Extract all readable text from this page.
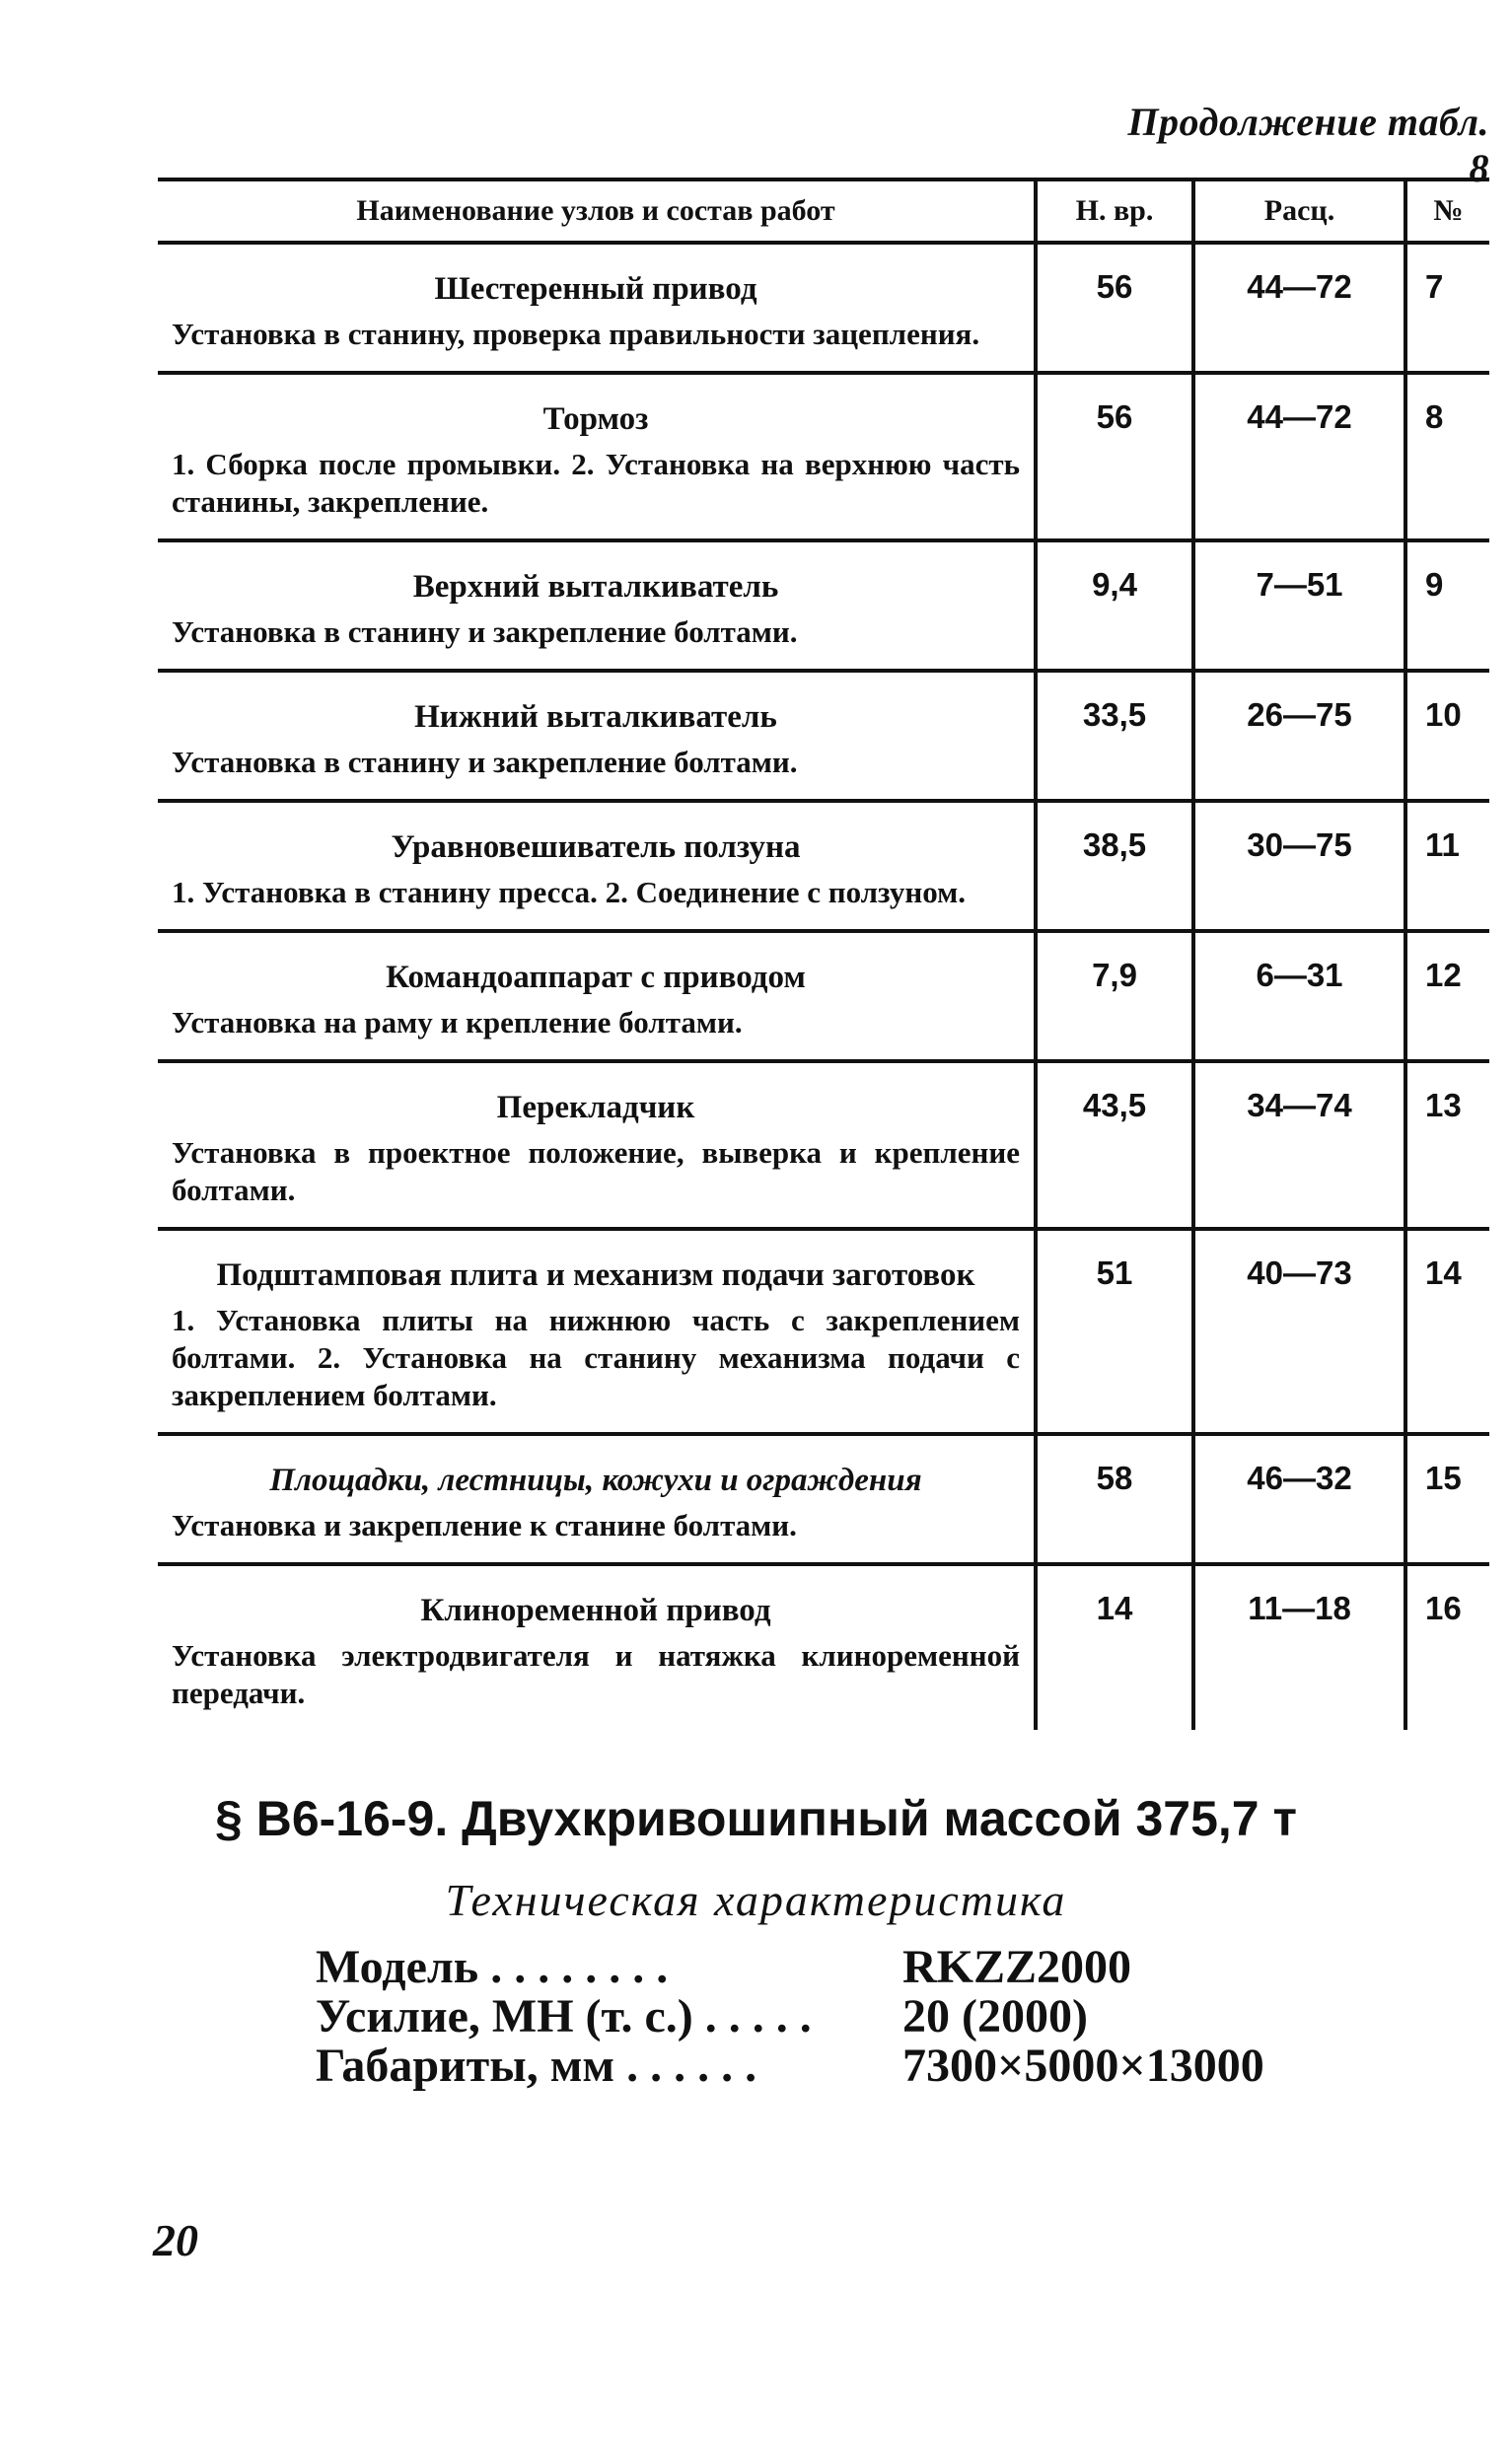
Продолжение табл. 8
Наименование узлов и состав работ	Н. вр.	Расц.	№

Шестеренный привод
Установка в станину, проверка правильности зацепления.	56	44—72	7

Тормоз
1. Сборка после промывки. 2. Установка на верхнюю часть станины, закрепление.	56	44—72	8

Верхний выталкиватель
Установка в станину и закрепление болтами.	9,4	7—51	9

Нижний выталкиватель
Установка в станину и закрепление болтами.	33,5	26—75	10

Уравновешиватель ползуна
1. Установка в станину пресса. 2. Соединение с ползуном.	38,5	30—75	11

Командоаппарат с приводом
Установка на раму и крепление болтами.	7,9	6—31	12

Перекладчик
Установка в проектное положение, выверка и крепление болтами.	43,5	34—74	13

Подштамповая плита и механизм подачи заготовок
1. Установка плиты на нижнюю часть с закреплением болтами. 2. Установка на станину механизма подачи с закреплением болтами.	51	40—73	14

Площадки, лестницы, кожухи и ограждения
Установка и закрепление к станине болтами.	58	46—32	15

Клиноременной привод
Установка электродвигателя и натяжка клиноременной передачи.	14	11—18	16
§ В6-16-9. Двухкривошипный массой 375,7 т
Техническая характеристика
Модель . . . . . . . .	RKZZ2000
Усилие, МН (т. с.) . . . . .	20 (2000)
Габариты, мм . . . . . .	7300×5000×13000
20
